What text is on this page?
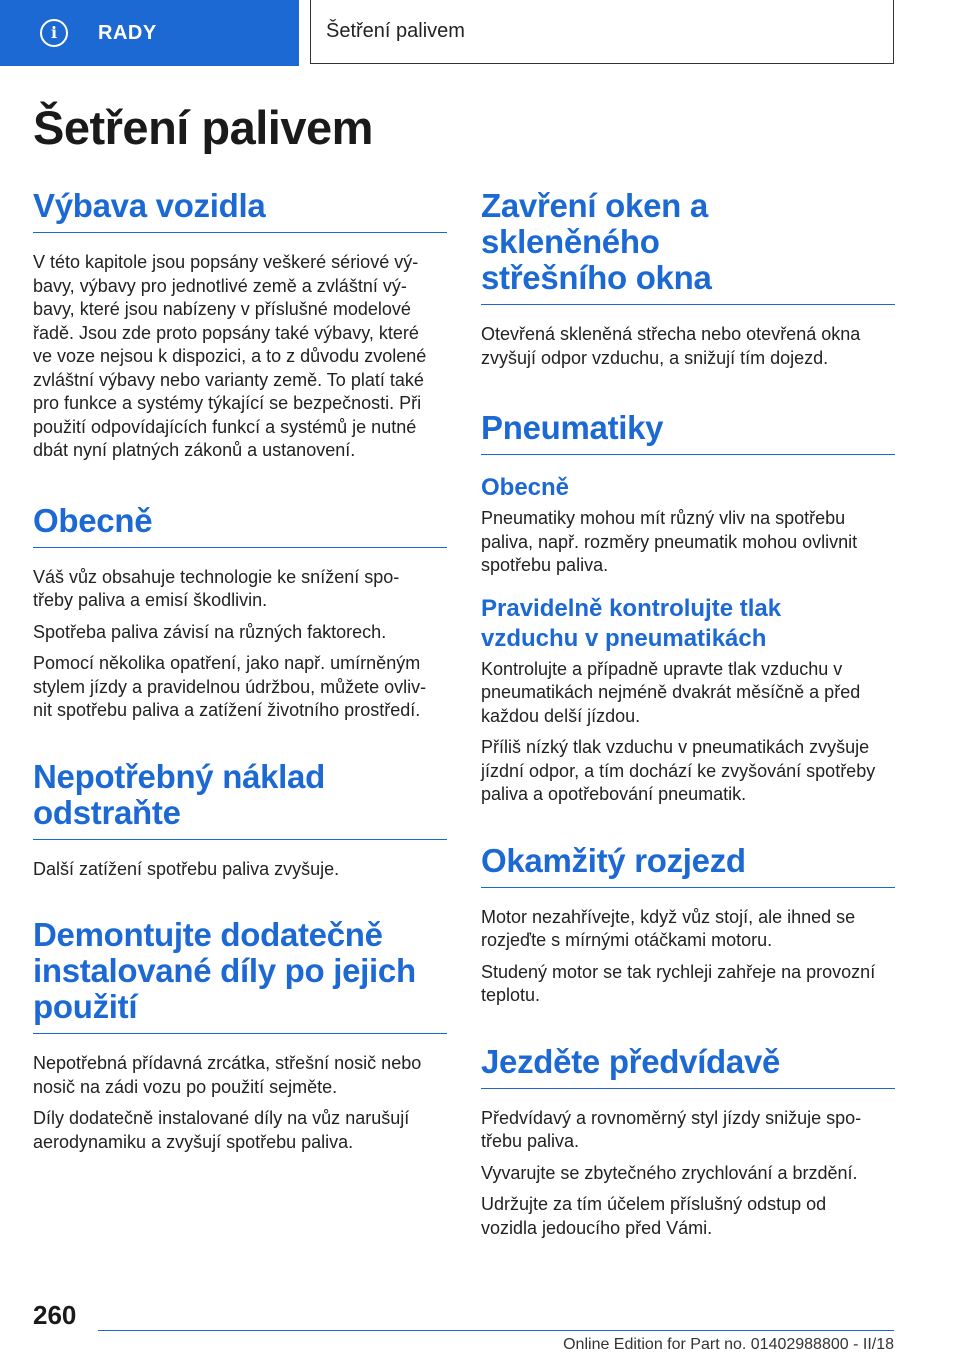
i	RADY	Šetření palivem
Šetření palivem
Výbava vozidla

V této kapitole jsou popsány veškeré sériové vý-
bavy, výbavy pro jednotlivé země a zvláštní vý-
bavy, které jsou nabízeny v příslušné modelové
řadě. Jsou zde proto popsány také výbavy, které
ve voze nejsou k dispozici, a to z důvodu zvolené
zvláštní výbavy nebo varianty země. To platí také
pro funkce a systémy týkající se bezpečnosti. Při
použití odpovídajících funkcí a systémů je nutné
dbát nyní platných zákonů a ustanovení.

Obecně

Váš vůz obsahuje technologie ke snížení spo-
třeby paliva a emisí škodlivin.

Spotřeba paliva závisí na různých faktorech.

Pomocí několika opatření, jako např. umírněným
stylem jízdy a pravidelnou údržbou, můžete ovliv-
nit spotřebu paliva a zatížení životního prostředí.

Nepotřebný náklad
odstraňte

Další zatížení spotřebu paliva zvyšuje.

Demontujte dodatečně
instalované díly po jejich
použití

Nepotřebná přídavná zrcátka, střešní nosič nebo
nosič na zádi vozu po použití sejměte.

Díly dodatečně instalované díly na vůz narušují
aerodynamiku a zvyšují spotřebu paliva.

Zavření oken a skleněného
střešního okna

Otevřená skleněná střecha nebo otevřená okna
zvyšují odpor vzduchu, a snižují tím dojezd.

Pneumatiky
Obecně

Pneumatiky mohou mít různý vliv na spotřebu
paliva, např. rozměry pneumatik mohou ovlivnit
spotřebu paliva.

Pravidelně kontrolujte tlak
vzduchu v pneumatikách

Kontrolujte a případně upravte tlak vzduchu v
pneumatikách nejméně dvakrát měsíčně a před
každou delší jízdou.

Příliš nízký tlak vzduchu v pneumatikách zvyšuje
jízdní odpor, a tím dochází ke zvyšování spotřeby
paliva a opotřebování pneumatik.

Okamžitý rozjezd

Motor nezahřívejte, když vůz stojí, ale ihned se
rozjeďte s mírnými otáčkami motoru.

Studený motor se tak rychleji zahřeje na provozní
teplotu.

Jezděte předvídavě

Předvídavý a rovnoměrný styl jízdy snižuje spo-
třebu paliva.

Vyvarujte se zbytečného zrychlování a brzdění.

Udržujte za tím účelem příslušný odstup od
vozidla jedoucího před Vámi.

260
Online Edition for Part no. 01402988800 - II/18
